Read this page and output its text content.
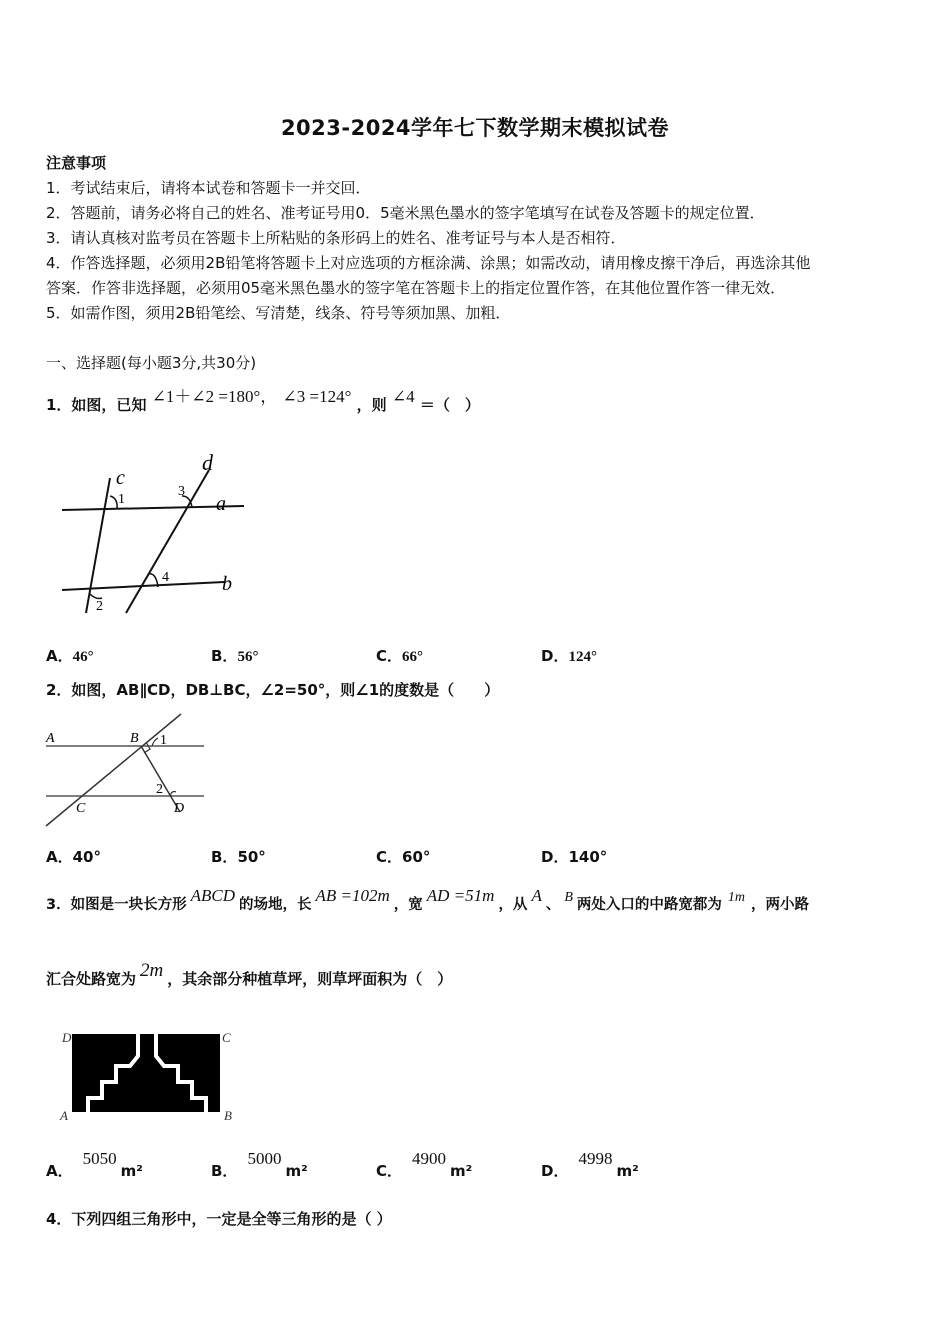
2023-2024学年七下数学期末模拟试卷
注意事项
1．考试结束后，请将本试卷和答题卡一并交回．
2．答题前，请务必将自己的姓名、准考证号用0．5毫米黑色墨水的签字笔填写在试卷及答题卡的规定位置．
3．请认真核对监考员在答题卡上所粘贴的条形码上的姓名、准考证号与本人是否相符．
4．作答选择题，必须用2B铅笔将答题卡上对应选项的方框涂满、涂黑；如需改动，请用橡皮擦干净后，再选涂其他
答案．作答非选择题，必须用05毫米黑色墨水的签字笔在答题卡上的指定位置作答，在其他位置作答一律无效．
5．如需作图，须用2B铅笔绘、写清楚，线条、符号等须加黑、加粗．
一、选择题(每小题3分,共30分)
1．如图，已知 ∠1＋∠2 =180°， ∠3 =124° ，则 ∠4 ＝（　）
c
d
a
b
1
3
4
2
A．46°	B．56°	C．66°	D．124°
2．如图，AB∥CD，DB⊥BC，∠2=50°，则∠1的度数是（　　）
A	B 1
2
C	D
A．40°	B．50°	C．60°	D．140°
3．如图是一块长方形 ABCD 的场地，长 AB =102m ，宽 AD =51m ，从 A 、 B 两处入口的中路宽都为 1m ，两小路
汇合处路宽为 2m ，其余部分种植草坪，则草坪面积为（　）
D	C
A	B
A．5050m²	B．5000m²	C．4900m²	D．4998m²
4．下列四组三角形中，一定是全等三角形的是（ ）
